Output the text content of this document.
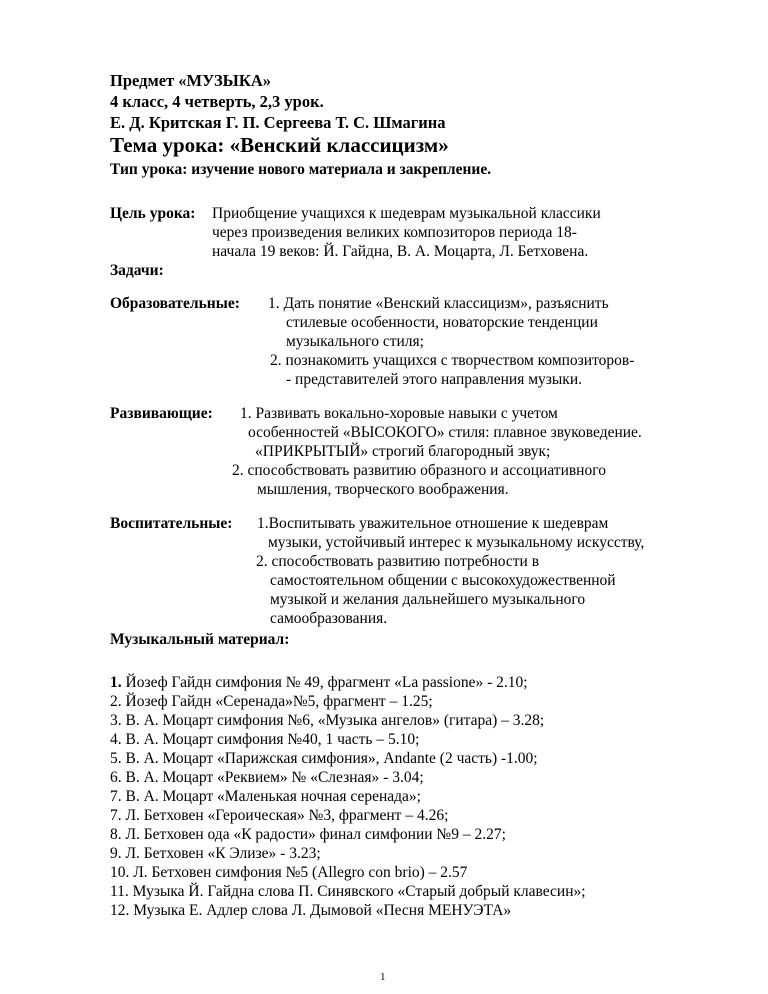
Предмет «МУЗЫКА»
4 класс, 4 четверть, 2,3 урок.
Е. Д. Критская Г. П. Сергеева Т. С. Шмагина
Тема урока: «Венский классицизм»
Тип урока: изучение нового материала и закрепление.
Цель урока: Приобщение учащихся к шедеврам музыкальной классики
через произведения великих композиторов периода 18-
начала 19 веков: Й. Гайдна, В. А. Моцарта, Л. Бетховена.
Задачи:
Образовательные: 1. Дать понятие «Венский классицизм», разъяснить
стилевые особенности, новаторские тенденции
музыкального стиля;
2. познакомить учащихся с творчеством композиторов-
- представителей этого направления музыки.
Развивающие: 1. Развивать вокально-хоровые навыки с учетом
особенностей «ВЫСОКОГО» стиля: плавное звуковедение.
«ПРИКРЫТЫЙ» строгий благородный звук;
2. способствовать развитию образного и ассоциативного
мышления, творческого воображения.
Воспитательные: 1.Воспитывать уважительное отношение к шедеврам
музыки, устойчивый интерес к музыкальному искусству,
2. способствовать развитию потребности в
самостоятельном общении с высокохудожественной
музыкой и желания дальнейшего музыкального
самообразования.
Музыкальный материал:
1. Йозеф Гайдн симфония № 49, фрагмент «La passione» - 2.10;
2. Йозеф Гайдн «Серенада»№5, фрагмент – 1.25;
3. В. А. Моцарт симфония №6, «Музыка ангелов» (гитара) – 3.28;
4. В. А. Моцарт симфония №40, 1 часть – 5.10;
5. В. А. Моцарт «Парижская симфония», Andante (2 часть) -1.00;
6. В. А. Моцарт «Реквием» № «Слезная» - 3.04;
7. В. А. Моцарт «Маленькая ночная серенада»;
7. Л. Бетховен «Героическая» №3, фрагмент – 4.26;
8. Л. Бетховен ода «К радости» финал симфонии №9 – 2.27;
9. Л. Бетховен «К Элизе» - 3.23;
10. Л. Бетховен симфония №5 (Allegro con brio) – 2.57
11. Музыка Й. Гайдна слова П. Синявского «Старый добрый клавесин»;
12. Музыка Е. Адлер слова Л. Дымовой «Песня МЕНУЭТА»
1
